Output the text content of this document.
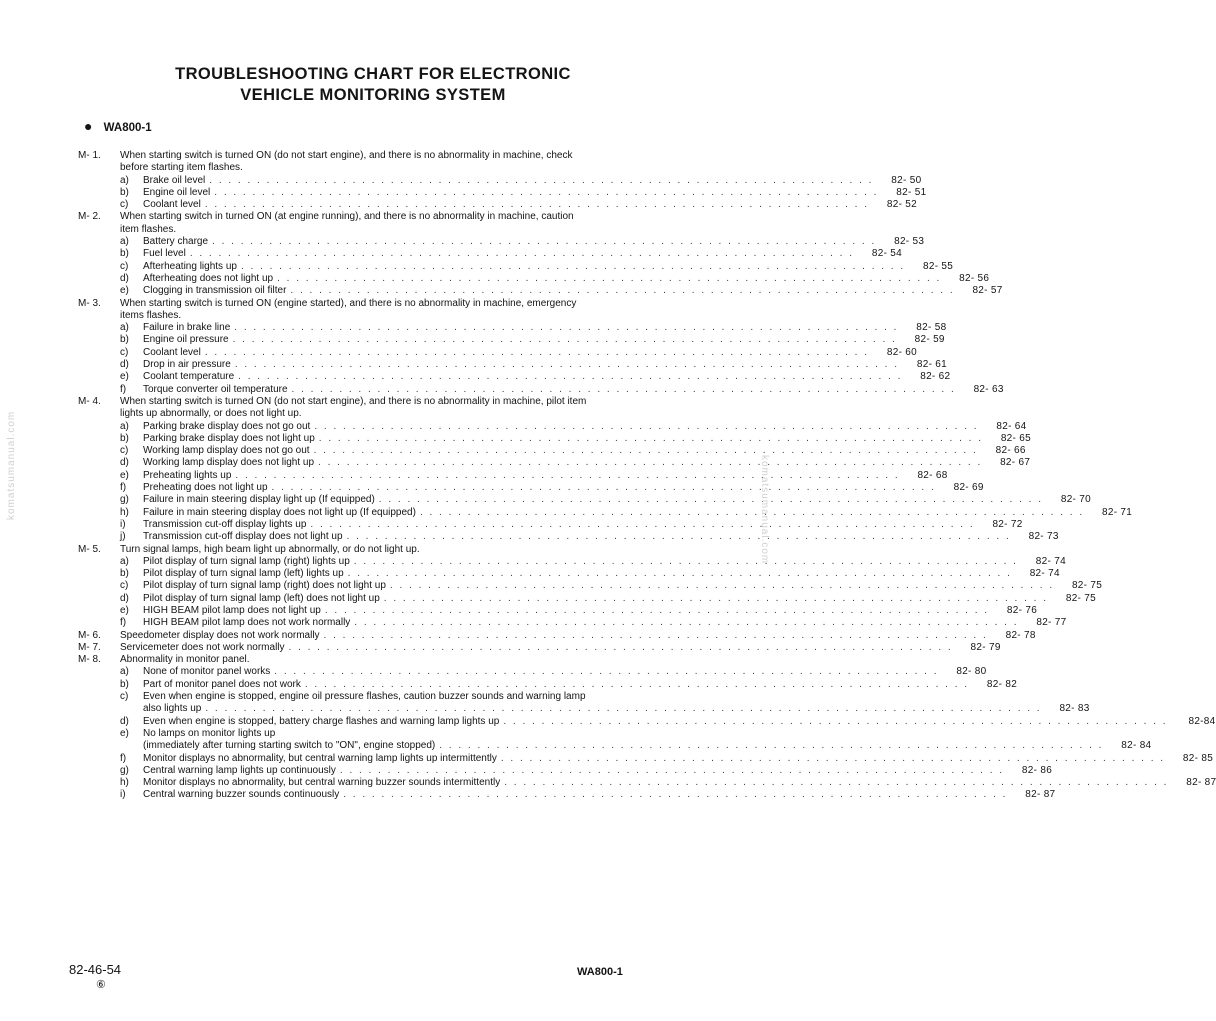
TROUBLESHOOTING CHART FOR ELECTRONIC
VEHICLE MONITORING SYSTEM
● WA800-1
M- 1.	When starting switch is turned ON (do not start engine), and there is no abnormality in machine, check
before starting item flashes.
a)	Brake oil level . . . . . . . . . . . . . . . . . . . . . . . . . . . . . . . . . . . . . . . . . . . . . . . . . . . . . . . . . . . . . . . . . . . . . .	82- 50
b)	Engine oil level . . . . . . . . . . . . . . . . . . . . . . . . . . . . . . . . . . . . . . . . . . . . . . . . . . . . . . . . . . . . . . . . . . . . . .	82- 51
c)	Coolant level . . . . . . . . . . . . . . . . . . . . . . . . . . . . . . . . . . . . . . . . . . . . . . . . . . . . . . . . . . . . . . . . . . . . . .	82- 52
M- 2.	When starting switch in turned ON (at engine running), and there is no abnormality in machine, caution
item flashes.
a)	Battery charge . . . . . . . . . . . . . . . . . . . . . . . . . . . . . . . . . . . . . . . . . . . . . . . . . . . . . . . . . . . . . . . . . . . . . .	82- 53
b)	Fuel level . . . . . . . . . . . . . . . . . . . . . . . . . . . . . . . . . . . . . . . . . . . . . . . . . . . . . . . . . . . . . . . . . . . . . .	82- 54
c)	Afterheating lights up . . . . . . . . . . . . . . . . . . . . . . . . . . . . . . . . . . . . . . . . . . . . . . . . . . . . . . . . . . . . . . . . . . . . . .	82- 55
d)	Afterheating does not light up . . . . . . . . . . . . . . . . . . . . . . . . . . . . . . . . . . . . . . . . . . . . . . . . . . . . . . . . . . . . . . . . . . . . . .	82- 56
e)	Clogging in transmission oil filter . . . . . . . . . . . . . . . . . . . . . . . . . . . . . . . . . . . . . . . . . . . . . . . . . . . . . . . . . . . . . . . . . . . . . .	82- 57
M- 3.	When starting switch is turned ON (engine started), and there is no abnormality in machine, emergency
items flashes.
a)	Failure in brake line . . . . . . . . . . . . . . . . . . . . . . . . . . . . . . . . . . . . . . . . . . . . . . . . . . . . . . . . . . . . . . . . . . . . . .	82- 58
b)	Engine oil pressure . . . . . . . . . . . . . . . . . . . . . . . . . . . . . . . . . . . . . . . . . . . . . . . . . . . . . . . . . . . . . . . . . . . . . .	82- 59
c)	Coolant level . . . . . . . . . . . . . . . . . . . . . . . . . . . . . . . . . . . . . . . . . . . . . . . . . . . . . . . . . . . . . . . . . . . . . .	82- 60
d)	Drop in air pressure . . . . . . . . . . . . . . . . . . . . . . . . . . . . . . . . . . . . . . . . . . . . . . . . . . . . . . . . . . . . . . . . . . . . . .	82- 61
e)	Coolant temperature . . . . . . . . . . . . . . . . . . . . . . . . . . . . . . . . . . . . . . . . . . . . . . . . . . . . . . . . . . . . . . . . . . . . . .	82- 62
f)	Torque converter oil temperature . . . . . . . . . . . . . . . . . . . . . . . . . . . . . . . . . . . . . . . . . . . . . . . . . . . . . . . . . . . . . . . . . . . . . .	82- 63
M- 4.	When starting switch is turned ON (do not start engine), and there is no abnormality in machine, pilot item
lights up abnormally, or does not light up.
a)	Parking brake display does not go out . . . . . . . . . . . . . . . . . . . . . . . . . . . . . . . . . . . . . . . . . . . . . . . . . . . . . . . . . . . . . . . . . . . . . .	82- 64
b)	Parking brake display does not light up . . . . . . . . . . . . . . . . . . . . . . . . . . . . . . . . . . . . . . . . . . . . . . . . . . . . . . . . . . . . . . . . . . . . . .	82- 65
c)	Working lamp display does not go out . . . . . . . . . . . . . . . . . . . . . . . . . . . . . . . . . . . . . . . . . . . . . . . . . . . . . . . . . . . . . . . . . . . . . .	82- 66
d)	Working lamp display does not light up . . . . . . . . . . . . . . . . . . . . . . . . . . . . . . . . . . . . . . . . . . . . . . . . . . . . . . . . . . . . . . . . . . . . . .	82- 67
e)	Preheating lights up . . . . . . . . . . . . . . . . . . . . . . . . . . . . . . . . . . . . . . . . . . . . . . . . . . . . . . . . . . . . . . . . . . . . . .	82- 68
f)	Preheating does not light up . . . . . . . . . . . . . . . . . . . . . . . . . . . . . . . . . . . . . . . . . . . . . . . . . . . . . . . . . . . . . . . . . . . . . .	82- 69
g)	Failure in main steering display light up (If equipped) . . . . . . . . . . . . . . . . . . . . . . . . . . . . . . . . . . . . . . . . . . . . . . . . . . . . . . . . . . . . . . . . . . . . . .	82- 70
h)	Failure in main steering display does not light up (If equipped) . . . . . . . . . . . . . . . . . . . . . . . . . . . . . . . . . . . . . . . . . . . . . . . . . . . . . . . . . . . . . . . . . . . . . .	82- 71
i)	Transmission cut-off display lights up . . . . . . . . . . . . . . . . . . . . . . . . . . . . . . . . . . . . . . . . . . . . . . . . . . . . . . . . . . . . . . . . . . . . . .	82- 72
j)	Transmission cut-off display does not light up . . . . . . . . . . . . . . . . . . . . . . . . . . . . . . . . . . . . . . . . . . . . . . . . . . . . . . . . . . . . . . . . . . . . . .	82- 73
M- 5.	Turn signal lamps, high beam light up abnormally, or do not light up.
a)	Pilot display of turn signal lamp (right) lights up . . . . . . . . . . . . . . . . . . . . . . . . . . . . . . . . . . . . . . . . . . . . . . . . . . . . . . . . . . . . . . . . . . . . . .	82- 74
b)	Pilot display of turn signal lamp (left) lights up . . . . . . . . . . . . . . . . . . . . . . . . . . . . . . . . . . . . . . . . . . . . . . . . . . . . . . . . . . . . . . . . . . . . . .	82- 74
c)	Pilot display of turn signal lamp (right) does not light up . . . . . . . . . . . . . . . . . . . . . . . . . . . . . . . . . . . . . . . . . . . . . . . . . . . . . . . . . . . . . . . . . . . . . .	82- 75
d)	Pilot display of turn signal lamp (left) does not light up . . . . . . . . . . . . . . . . . . . . . . . . . . . . . . . . . . . . . . . . . . . . . . . . . . . . . . . . . . . . . . . . . . . . . .	82- 75
e)	HIGH BEAM pilot lamp does not light up . . . . . . . . . . . . . . . . . . . . . . . . . . . . . . . . . . . . . . . . . . . . . . . . . . . . . . . . . . . . . . . . . . . . . .	82- 76
f)	HIGH BEAM pilot lamp does not work normally . . . . . . . . . . . . . . . . . . . . . . . . . . . . . . . . . . . . . . . . . . . . . . . . . . . . . . . . . . . . . . . . . . . . . .	82- 77
M- 6.	Speedometer display does not work normally . . . . . . . . . . . . . . . . . . . . . . . . . . . . . . . . . . . . . . . . . . . . . . . . . . . . . . . . . . . . . . . . . . . . . .	82- 78
M- 7.	Servicemeter does not work normally . . . . . . . . . . . . . . . . . . . . . . . . . . . . . . . . . . . . . . . . . . . . . . . . . . . . . . . . . . . . . . . . . . . . . .	82- 79
M- 8.	Abnormality in monitor panel.
a)	None of monitor panel works . . . . . . . . . . . . . . . . . . . . . . . . . . . . . . . . . . . . . . . . . . . . . . . . . . . . . . . . . . . . . . . . . . . . . .	82- 80
b)	Part of monitor panel does not work . . . . . . . . . . . . . . . . . . . . . . . . . . . . . . . . . . . . . . . . . . . . . . . . . . . . . . . . . . . . . . . . . . . . . .	82- 82
c)	Even when engine is stopped, engine oil pressure flashes, caution buzzer sounds and warning lamp
also lights up . . . . . . . . . . . . . . . . . . . . . . . . . . . . . . . . . . . . . . . . . . . . . . . . . . . . . . . . . . . . . . . . . . . . . . . . . . . . . . . . . . . . . . . .	82- 83
d)	Even when engine is stopped, battery charge flashes and warning lamp lights up . . . . . . . . . . . . . . . . . . . . . . . . . . . . . . . . . . . . . . . . . . . . . . . . . . . . . . . . . . . . . . . . . . . . . .	82-84
e)	No lamps on monitor lights up
(immediately after turning starting switch to "ON", engine stopped) . . . . . . . . . . . . . . . . . . . . . . . . . . . . . . . . . . . . . . . . . . . . . . . . . . . . . . . . . . . . . . . . . . . . . .	82- 84
f)	Monitor displays no abnormality, but central warning lamp lights up intermittently . . . . . . . . . . . . . . . . . . . . . . . . . . . . . . . . . . . . . . . . . . . . . . . . . . . . . . . . . . . . . . . . . . . . . .	82- 85
g)	Central warning lamp lights up continuously . . . . . . . . . . . . . . . . . . . . . . . . . . . . . . . . . . . . . . . . . . . . . . . . . . . . . . . . . . . . . . . . . . . . . .	82- 86
h)	Monitor displays no abnormality, but central warning buzzer sounds intermittently . . . . . . . . . . . . . . . . . . . . . . . . . . . . . . . . . . . . . . . . . . . . . . . . . . . . . . . . . . . . . . . . . . . . . .	82- 87
i)	Central warning buzzer sounds continuously . . . . . . . . . . . . . . . . . . . . . . . . . . . . . . . . . . . . . . . . . . . . . . . . . . . . . . . . . . . . . . . . . . . . . .	82- 87
komatsumanual.com	komatsumanual.com
82-46-54
⑥
WA800-1
